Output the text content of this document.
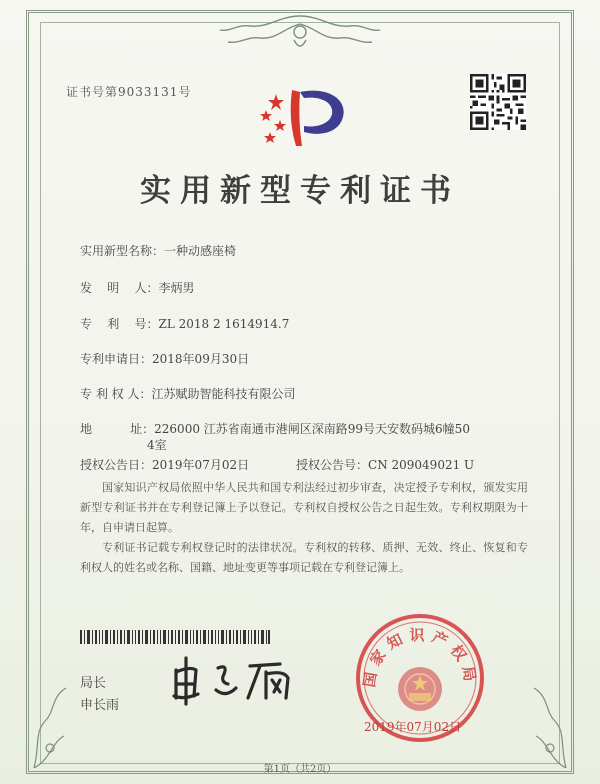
证书号第9033131号
实用新型专利证书
实用新型名称：一种动感座椅
发    明    人：李炳男
专    利    号：ZL 2018 2 1614914.7
专利申请日：2018年09月30日
专 利 权 人：江苏赋助智能科技有限公司
地          址：226000 江苏省南通市港闸区深南路99号天安数码城6幢50
4室
授权公告日：2019年07月02日	授权公告号：CN 209049021 U
国家知识产权局依照中华人民共和国专利法经过初步审查，决定授予专利权，颁发实用新型专利证书并在专利登记簿上予以登记。专利权自授权公告之日起生效。专利权期限为十年，自申请日起算。
专利证书记载专利权登记时的法律状况。专利权的转移、质押、无效、终止、恢复和专利权人的姓名或名称、国籍、地址变更等事项记载在专利登记簿上。
局长
申长雨
国家知识产权局
2019年07月02日
第1页（共2页）
